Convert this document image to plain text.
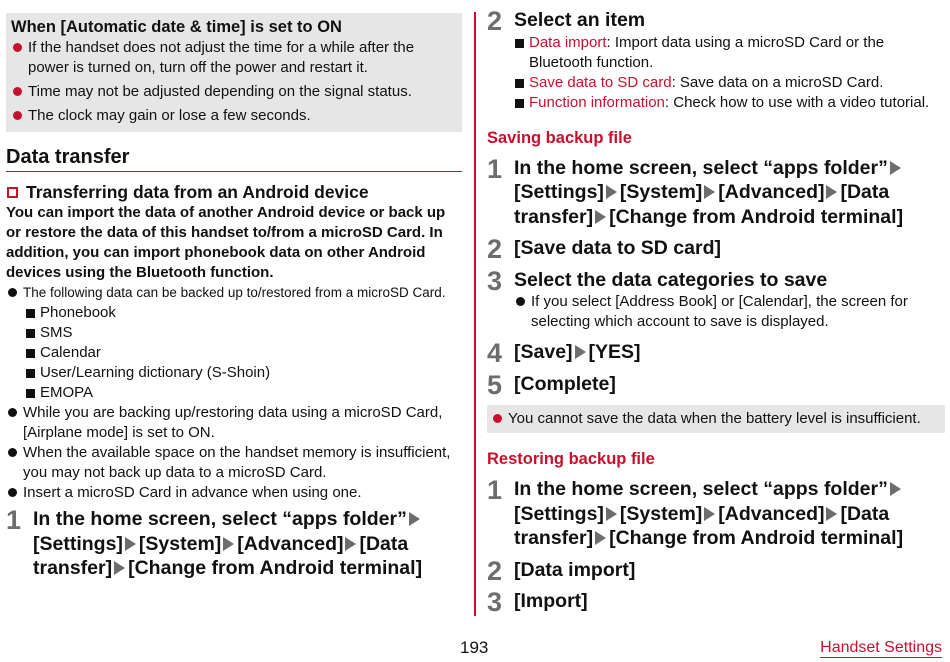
When [Automatic date & time] is set to ON
If the handset does not adjust the time for a while after the power is turned on, turn off the power and restart it.
Time may not be adjusted depending on the signal status.
The clock may gain or lose a few seconds.
Data transfer
Transferring data from an Android device
You can import the data of another Android device or back up or restore the data of this handset to/from a microSD Card. In addition, you can import phonebook data on other Android devices using the Bluetooth function.
The following data can be backed up to/restored from a microSD Card.
Phonebook
SMS
Calendar
User/Learning dictionary (S-Shoin)
EMOPA
While you are backing up/restoring data using a microSD Card, [Airplane mode] is set to ON.
When the available space on the handset memory is insufficient, you may not back up data to a microSD Card.
Insert a microSD Card in advance when using one.
1 In the home screen, select “apps folder”[Settings] [System] [Advanced] [Data transfer] [Change from Android terminal]
2 Select an item
Data import: Import data using a microSD Card or the Bluetooth function.
Save data to SD card: Save data on a microSD Card.
Function information: Check how to use with a video tutorial.
Saving backup file
1 In the home screen, select “apps folder”[Settings] [System] [Advanced] [Data transfer] [Change from Android terminal]
2 [Save data to SD card]
3 Select the data categories to save
If you select [Address Book] or [Calendar], the screen for selecting which account to save is displayed.
4 [Save] [YES]
5 [Complete]
You cannot save the data when the battery level is insufficient.
Restoring backup file
1 In the home screen, select “apps folder”[Settings] [System] [Advanced] [Data transfer] [Change from Android terminal]
2 [Data import]
3 [Import]
193	Handset Settings
